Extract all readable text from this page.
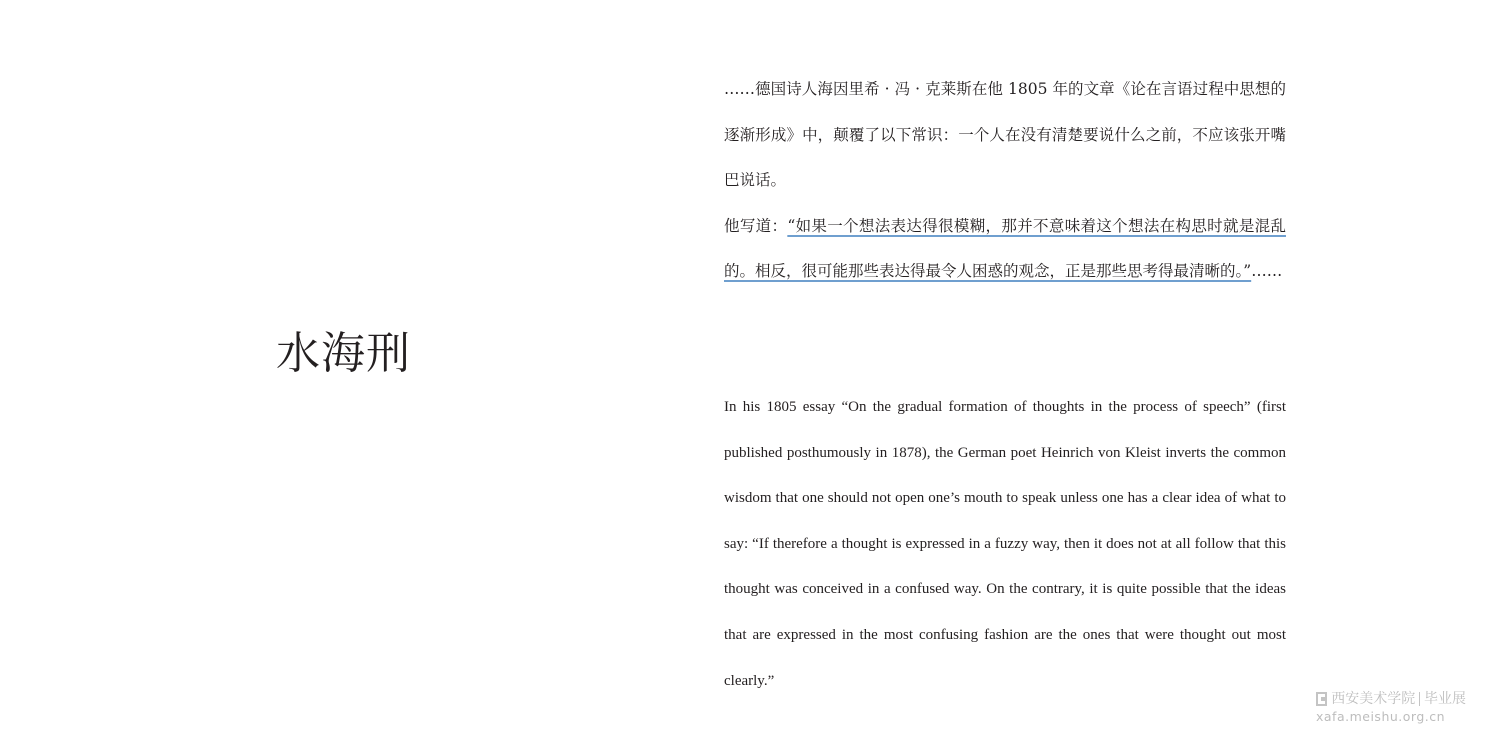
水海刑

……德国诗人海因里希 · 冯 · 克莱斯在他 1805 年的文章《论在言语过程中思想的逐渐形成》中，颠覆了以下常识：一个人在没有清楚要说什么之前，不应该张开嘴巴说话。

他写道：“如果一个想法表达得很模糊，那并不意味着这个想法在构思时就是混乱的。相反，很可能那些表达得最令人困惑的观念，正是那些思考得最清晰的。”……

In his 1805 essay “On the gradual formation of thoughts in the process of speech” (first published posthumously in 1878), the German poet Heinrich von Kleist inverts the common wisdom that one should not open one’s mouth to speak unless one has a clear idea of what to say: “If therefore a thought is expressed in a fuzzy way, then it does not at all follow that this thought was conceived in a confused way. On the contrary, it is quite possible that the ideas that are expressed in the most confusing fashion are the ones that were thought out most clearly.”

西安美术学院 毕业展
xafa.meishu.org.cn
